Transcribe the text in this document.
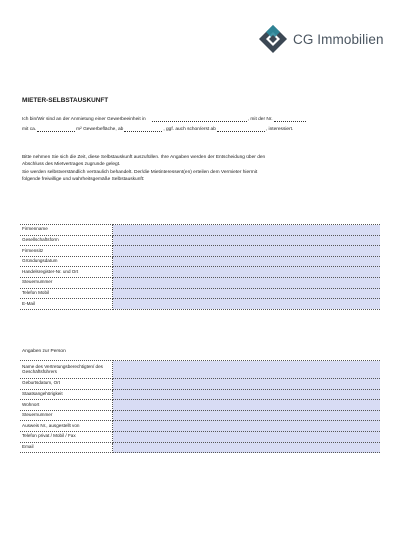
CG Immobilien
MIETER-SELBSTAUSKUNFT
Ich bin/Wir sind an der Anmietung einer Gewerbeeinheit in	, mit der Nr.
mit ca.	m² Gewerbefläche, ab	, ggf. auch schon/erst ab	, interessiert.
Bitte nehmen Sie sich die Zeit, diese Selbstauskunft auszufüllen. Ihre Angaben werden der Entscheidung über den
Abschluss des Mietvertrages zugrunde gelegt.
Sie werden selbstverständlich vertraulich behandelt. Der/die Mietinteressent(en) erteilen dem Vermieter hiermit
folgende freiwillige und wahrheitsgemäße Selbstauskunft:
Firmenname	
Gesellschaftsform	
Firmensitz	
Gründungsdatum	
Handelsregister-Nr. und Ort	
Steuernummer	
Telefon Mobil	
E-Mail	
Angaben zur Person
Name des Vertretungsberechtigten/ des Geschäftsführers	
Geburtsdatum, Ort	
Staatsangehörigkeit	
Wohnort	
Steuernummer	
Ausweis Nr., ausgestellt von	
Telefon privat / Mobil / Fax	
Email	
